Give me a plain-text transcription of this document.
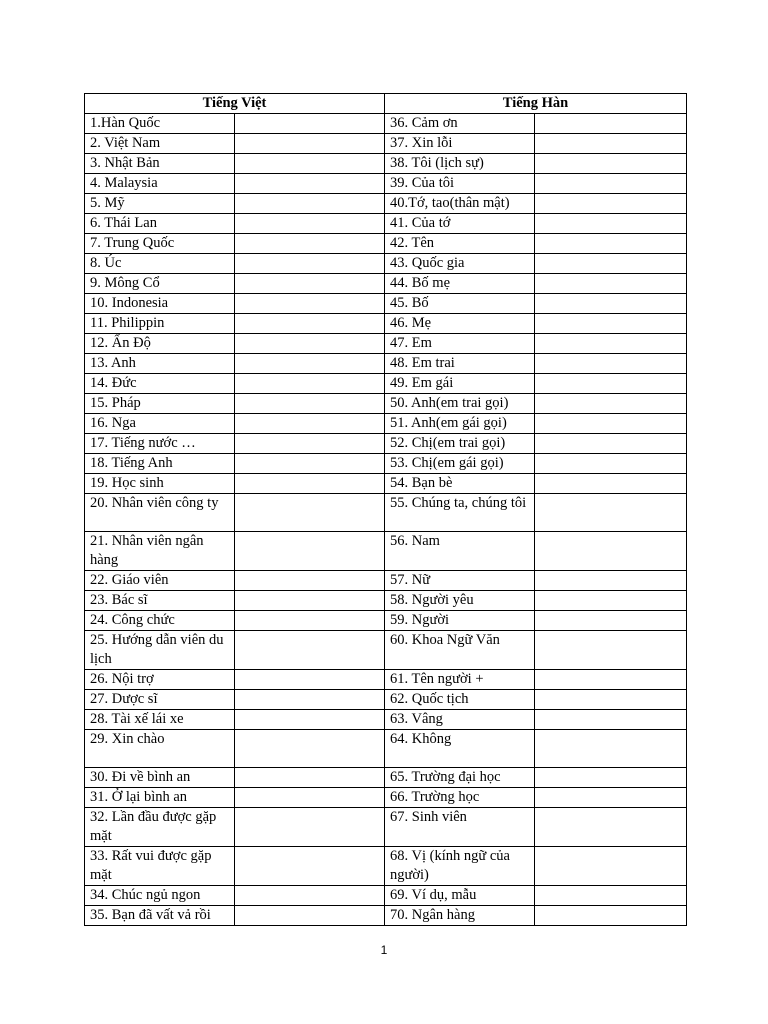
Tiếng Việt		Tiếng Hàn	
1.Hàn Quốc		36. Cảm ơn	
2. Việt Nam		37. Xin lỗi	
3. Nhật Bản		38. Tôi (lịch sự)	
4. Malaysia		39. Của tôi	
5. Mỹ		40.Tớ, tao(thân mật)	
6. Thái Lan		41. Của tớ	
7. Trung Quốc		42. Tên	
8. Úc		43. Quốc gia	
9. Mông Cổ		44. Bố mẹ	
10. Indonesia		45. Bố	
11. Philippin		46. Mẹ	
12. Ấn Độ		47. Em	
13. Anh		48. Em trai	
14. Đức		49. Em gái	
15. Pháp		50. Anh(em trai gọi)	
16. Nga		51. Anh(em gái gọi)	
17. Tiếng nước …		52. Chị(em trai gọi)	
18. Tiếng Anh		53. Chị(em gái gọi)	
19. Học sinh		54. Bạn bè	
20. Nhân viên công ty		55. Chúng ta, chúng tôi	
21. Nhân viên ngân hàng		56. Nam	
22. Giáo viên		57. Nữ	
23. Bác sĩ		58. Người yêu	
24. Công chức		59. Người	
25. Hướng dẫn viên du lịch		60. Khoa Ngữ Văn	
26. Nội trợ		61. Tên người +	
27. Dược sĩ		62. Quốc tịch	
28. Tài xế lái xe		63. Vâng	
29. Xin chào		64. Không	
30. Đi về bình an		65. Trường đại học	
31. Ở lại bình an		66. Trường học	
32. Lần đầu được gặp mặt		67. Sinh viên	
33. Rất vui được gặp mặt		68. Vị (kính ngữ của người)	
34. Chúc ngủ ngon		69. Ví dụ, mẫu	
35. Bạn đã vất vả rồi		70. Ngân hàng	
1
